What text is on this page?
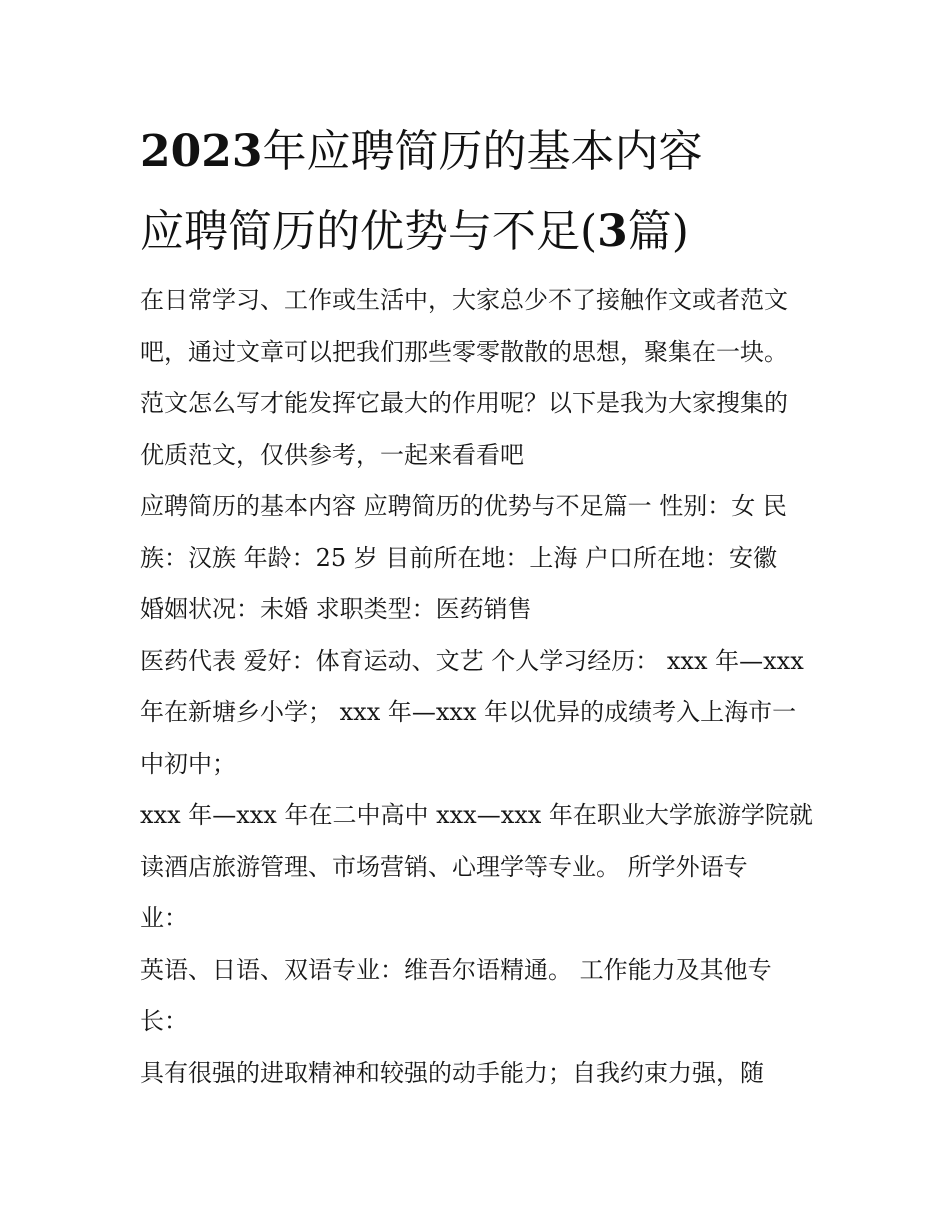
2023年应聘简历的基本内容
应聘简历的优势与不足(3篇)
在日常学习、工作或生活中，大家总少不了接触作文或者范文
吧，通过文章可以把我们那些零零散散的思想，聚集在一块。
范文怎么写才能发挥它最大的作用呢？以下是我为大家搜集的
优质范文，仅供参考，一起来看看吧
应聘简历的基本内容 应聘简历的优势与不足篇一 性别：女 民
族：汉族 年龄：25 岁 目前所在地：上海 户口所在地：安徽
婚姻状况：未婚 求职类型：医药销售
医药代表 爱好：体育运动、文艺 个人学习经历： xxx 年—xxx
年在新塘乡小学； xxx 年—xxx 年以优异的成绩考入上海市一
中初中；
xxx 年—xxx 年在二中高中 xxx—xxx 年在职业大学旅游学院就
读酒店旅游管理、市场营销、心理学等专业。 所学外语专
业：
英语、日语、双语专业：维吾尔语精通。 工作能力及其他专
长：
具有很强的进取精神和较强的动手能力；自我约束力强，随
